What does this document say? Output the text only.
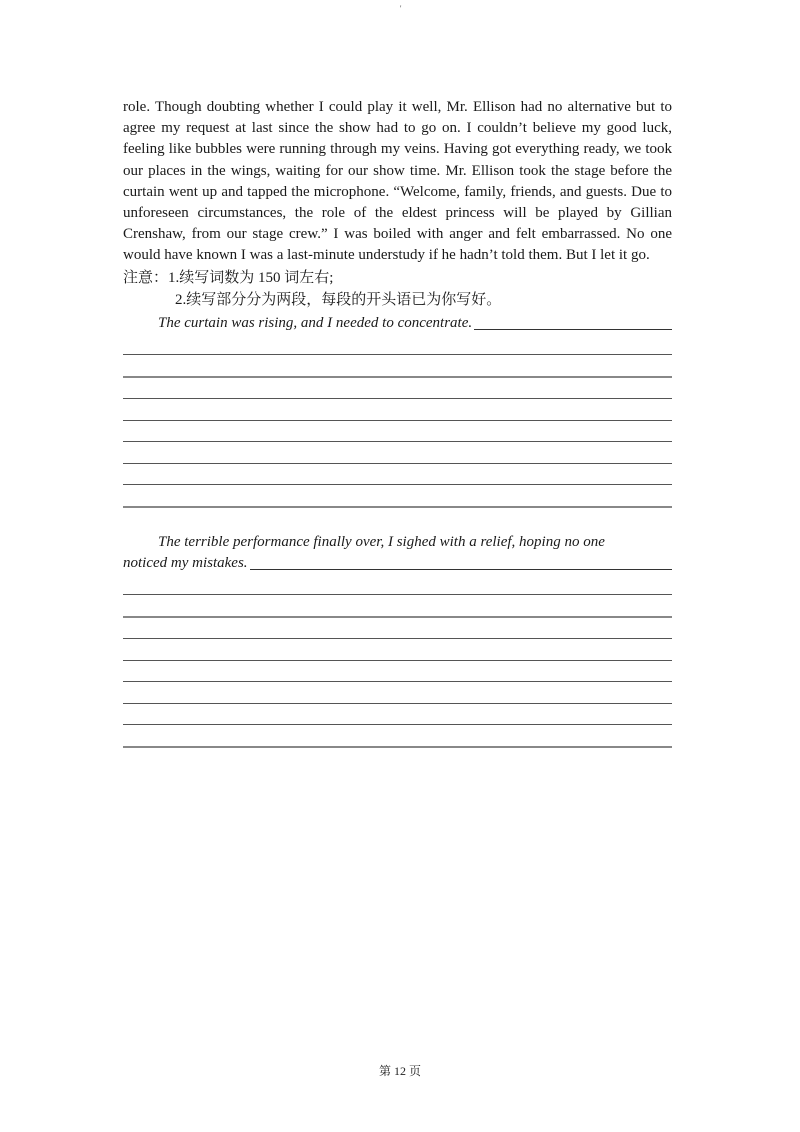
'

role. Though doubting whether I could play it well, Mr. Ellison had no alternative but to agree my request at last since the show had to go on. I couldn’t believe my good luck, feeling like bubbles were running through my veins. Having got everything ready, we took our places in the wings, waiting for our show time. Mr. Ellison took the stage before the curtain went up and tapped the microphone. “Welcome, family, friends, and guests. Due to unforeseen circumstances, the role of the eldest princess will be played by Gillian Crenshaw, from our stage crew.” I was boiled with anger and felt embarrassed. No one would have known I was a last-minute understudy if he hadn’t told them. But I let it go.

注意：1.续写词数为 150 词左右;
2.续写部分分为两段，每段的开头语已为你写好。
The curtain was rising, and I needed to concentrate.
The terrible performance finally over, I sighed with a relief, hoping no one
noticed my mistakes.
第 12 页
